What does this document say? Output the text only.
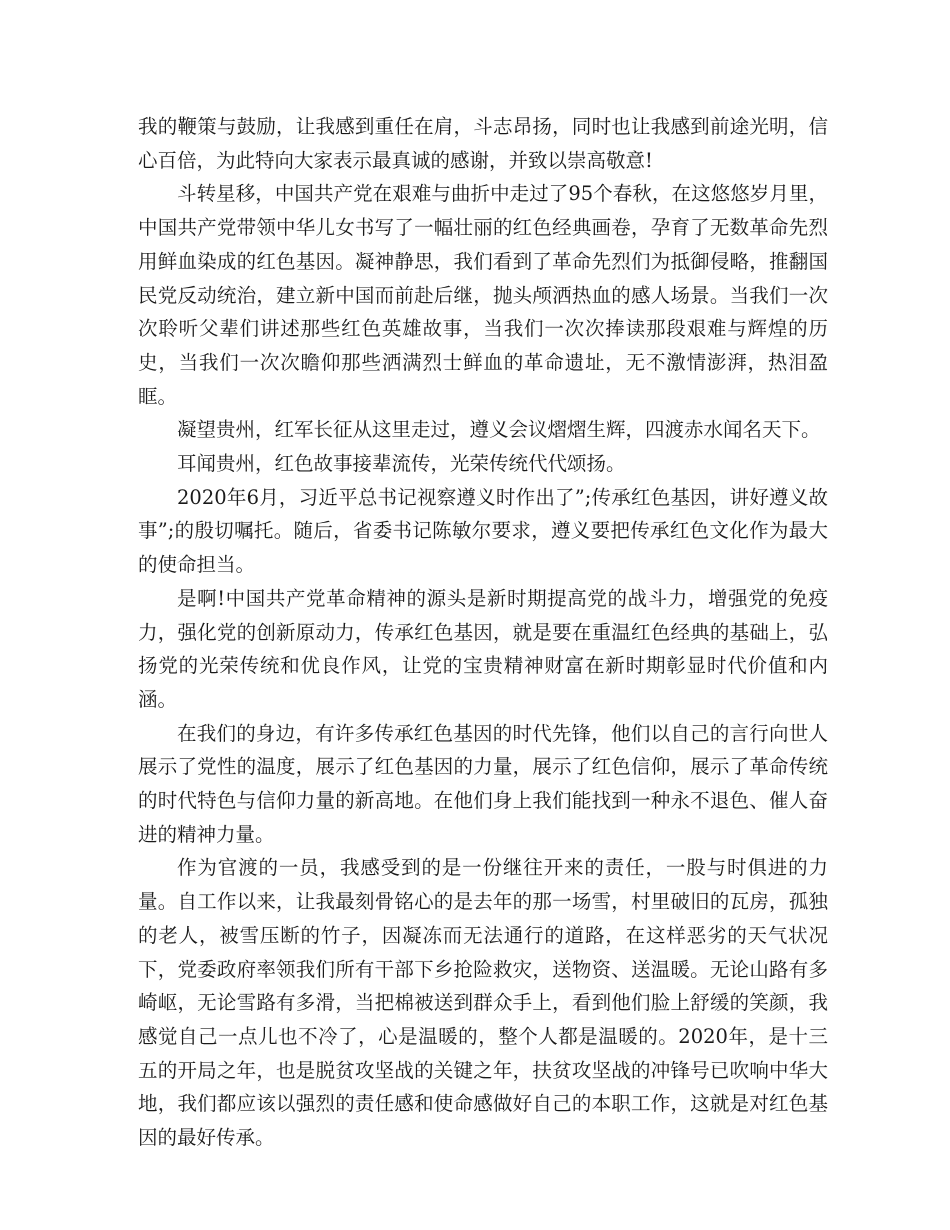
我的鞭策与鼓励，让我感到重任在肩，斗志昂扬，同时也让我感到前途光明，信心百倍，为此特向大家表示最真诚的感谢，并致以崇高敬意!

斗转星移，中国共产党在艰难与曲折中走过了95个春秋，在这悠悠岁月里，中国共产党带领中华儿女书写了一幅壮丽的红色经典画卷，孕育了无数革命先烈用鲜血染成的红色基因。凝神静思，我们看到了革命先烈们为抵御侵略，推翻国民党反动统治，建立新中国而前赴后继，抛头颅洒热血的感人场景。当我们一次次聆听父辈们讲述那些红色英雄故事，当我们一次次捧读那段艰难与辉煌的历史，当我们一次次瞻仰那些洒满烈士鲜血的革命遗址，无不激情澎湃，热泪盈眶。

凝望贵州，红军长征从这里走过，遵义会议熠熠生辉，四渡赤水闻名天下。

耳闻贵州，红色故事接辈流传，光荣传统代代颂扬。

2020年6月，习近平总书记视察遵义时作出了”;传承红色基因，讲好遵义故事”;的殷切嘱托。随后，省委书记陈敏尔要求，遵义要把传承红色文化作为最大的使命担当。

是啊!中国共产党革命精神的源头是新时期提高党的战斗力，增强党的免疫力，强化党的创新原动力，传承红色基因，就是要在重温红色经典的基础上，弘扬党的光荣传统和优良作风，让党的宝贵精神财富在新时期彰显时代价值和内涵。

在我们的身边，有许多传承红色基因的时代先锋，他们以自己的言行向世人展示了党性的温度，展示了红色基因的力量，展示了红色信仰，展示了革命传统的时代特色与信仰力量的新高地。在他们身上我们能找到一种永不退色、催人奋进的精神力量。

作为官渡的一员，我感受到的是一份继往开来的责任，一股与时俱进的力量。自工作以来，让我最刻骨铭心的是去年的那一场雪，村里破旧的瓦房，孤独的老人，被雪压断的竹子，因凝冻而无法通行的道路，在这样恶劣的天气状况下，党委政府率领我们所有干部下乡抢险救灾，送物资、送温暖。无论山路有多崎岖，无论雪路有多滑，当把棉被送到群众手上，看到他们脸上舒缓的笑颜，我感觉自己一点儿也不冷了，心是温暖的，整个人都是温暖的。2020年，是十三五的开局之年，也是脱贫攻坚战的关键之年，扶贫攻坚战的冲锋号已吹响中华大地，我们都应该以强烈的责任感和使命感做好自己的本职工作，这就是对红色基因的最好传承。
